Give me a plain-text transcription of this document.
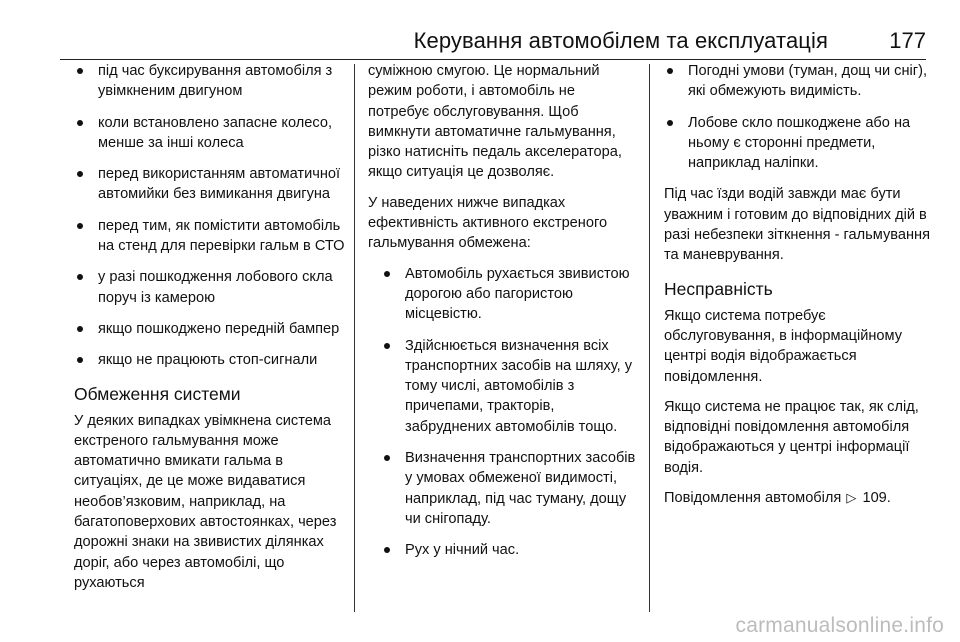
Керування автомобілем та експлуатація	177
під час буксирування автомобіля з увімкненим двигуном
коли встановлено запасне колесо, менше за інші колеса
перед використанням автоматичної автомийки без вимикання двигуна
перед тим, як помістити автомобіль на стенд для перевірки гальм в СТО
у разі пошкодження лобового скла поруч із камерою
якщо пошкоджено передній бампер
якщо не працюють стоп-сигнали
Обмеження системи

У деяких випадках увімкнена система екстреного гальмування може автоматично вмикати гальма в ситуаціях, де це може видаватися необов’язковим, наприклад, на багатоповерхових автостоянках, через дорожні знаки на звивистих ділянках доріг, або через автомобілі, що рухаються

суміжною смугою. Це нормальний режим роботи, і автомобіль не потребує обслуговування. Щоб вимкнути автоматичне гальмування, різко натисніть педаль акселератора, якщо ситуація це дозволяє.

У наведених нижче випадках ефективність активного екстреного гальмування обмежена:

Автомобіль рухається звивистою дорогою або пагористою місцевістю.
Здійснюється визначення всіх транспортних засобів на шляху, у тому числі, автомобілів з причепами, тракторів, забруднених автомобілів тощо.
Визначення транспортних засобів у умовах обмеженої видимості, наприклад, під час туману, дощу чи снігопаду.
Рух у нічний час.
Погодні умови (туман, дощ чи сніг), які обмежують видимість.
Лобове скло пошкоджене або на ньому є сторонні предмети, наприклад наліпки.

Під час їзди водій завжди має бути уважним і готовим до відповідних дій в разі небезпеки зіткнення - гальмування та маневрування.

Несправність

Якщо система потребує обслуговування, в інформаційному центрі водія відображається повідомлення.

Якщо система не працює так, як слід, відповідні повідомлення автомобіля відображаються у центрі інформації водія.

Повідомлення автомобіля ▷ 109.

carmanualsonline.info
